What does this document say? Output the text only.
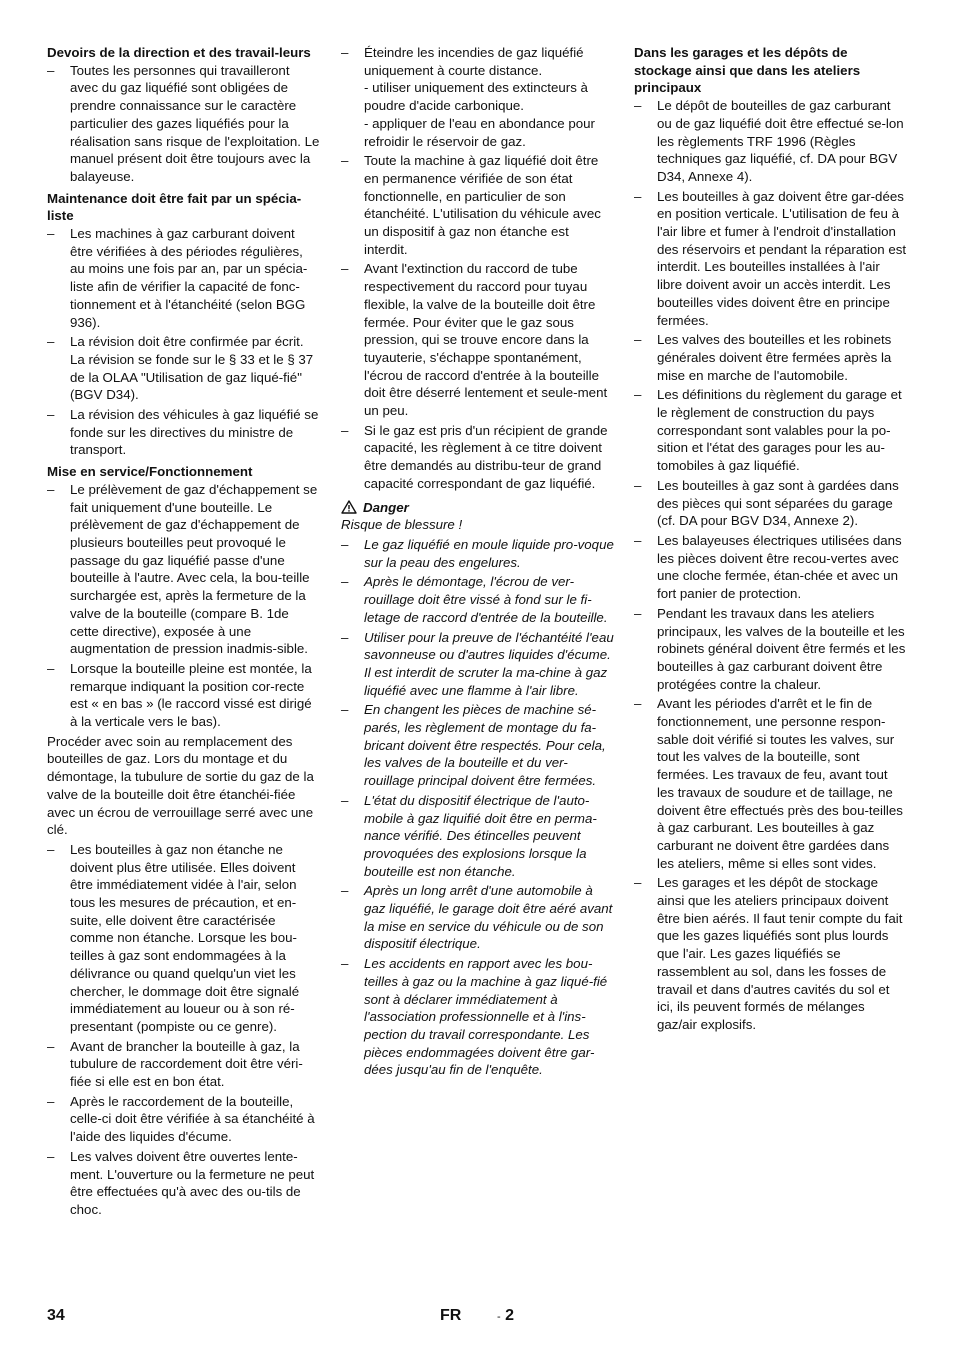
Devoirs de la direction et des travail-leurs

– Toutes les personnes qui travailleront avec du gaz liquéfié sont obligées de prendre connaissance sur le caractère particulier des gazes liquéfiés pour la réalisation sans risque de l'exploitation. Le manuel présent doit être toujours avec la balayeuse.

Maintenance doit être fait par un spécia-liste

– Les machines à gaz carburant doivent être vérifiées à des périodes régulières, au moins une fois par an, par un spécia-liste afin de vérifier la capacité de fonc-tionnement et à l'étanchéité (selon BGG 936).
– La révision doit être confirmée par écrit. La révision se fonde sur le § 33 et le § 37 de la OLAA "Utilisation de gaz liqué-fié" (BGV D34).
– La révision des véhicules à gaz liquéfié se fonde sur les directives du ministre de transport.

Mise en service/Fonctionnement

– Le prélèvement de gaz d'échappement se fait uniquement d'une bouteille. Le prélèvement de gaz d'échappement de plusieurs bouteilles peut provoqué le passage du gaz liquéfié passe d'une bouteille à l'autre. Avec cela, la bou-teille surchargée est, après la fermeture de la valve de la bouteille (compare B. 1de cette directive), exposée à une augmentation de pression inadmis-sible.
– Lorsque la bouteille pleine est montée, la remarque indiquant la position cor-recte est « en bas » (le raccord vissé est dirigé à la verticale vers le bas).

Procéder avec soin au remplacement des bouteilles de gaz. Lors du montage et du démontage, la tubulure de sortie du gaz de la valve de la bouteille doit être étanchéi-fiée avec un écrou de verrouillage serré avec une clé.

– Les bouteilles à gaz non étanche ne doivent plus être utilisée. Elles doivent être immédiatement vidée à l'air, selon tous les mesures de précaution, et en-suite, elle doivent être caractérisée comme non étanche. Lorsque les bou-teilles à gaz sont endommagées à la délivrance ou quand quelqu'un viet les chercher, le dommage doit être signalé immédiatement au loueur ou à son ré-presentant (pompiste ou ce genre).
– Avant de brancher la bouteille à gaz, la tubulure de raccordement doit être véri-fiée si elle est en bon état.
– Après le raccordement de la bouteille, celle-ci doit être vérifiée à sa étanchéité à l'aide des liquides d'écume.
– Les valves doivent être ouvertes lente-ment. L'ouverture ou la fermeture ne peut être effectuées qu'à avec des ou-tils de choc.
– Éteindre les incendies de gaz liquéfié uniquement à courte distance.
- utiliser uniquement des extincteurs à poudre d'acide carbonique.
- appliquer de l'eau en abondance pour refroidir le réservoir de gaz.
– Toute la machine à gaz liquéfié doit être en permanence vérifiée de son état fonctionnelle, en particulier de son étanchéité. L'utilisation du véhicule avec un dispositif à gaz non étanche est interdit.
– Avant l'extinction du raccord de tube respectivement du raccord pour tuyau flexible, la valve de la bouteille doit être fermée. Pour éviter que le gaz sous pression, qui se trouve encore dans la tuyauterie, s'échappe spontanément, l'écrou de raccord d'entrée à la bouteille doit être déserré lentement et seule-ment un peu.
– Si le gaz est pris d'un récipient de grande capacité, les règlement à ce titre doivent être demandés au distribu-teur de grand capacité correspondant de gaz liquéfié.
Danger

Risque de blessure !

– Le gaz liquéfié en moule liquide pro-voque sur la peau des engelures.
– Après le démontage, l'écrou de ver-rouillage doit être vissé à fond sur le fi-letage de raccord d'entrée de la bouteille.
– Utiliser pour la preuve de l'échantéité l'eau savonneuse ou d'autres liquides d'écume. Il est interdit de scruter la ma-chine à gaz liquéfié avec une flamme à l'air libre.
– En changent les pièces de machine sé-parés, les règlement de montage du fa-bricant doivent être respectés. Pour cela, les valves de la bouteille et du ver-rouillage principal doivent être fermées.
– L'état du dispositif électrique de l'auto-mobile à gaz liquifié doit être en perma-nance vérifié. Des étincelles peuvent provoquées des explosions lorsque la bouteille est non étanche.
– Après un long arrêt d'une automobile à gaz liquéfié, le garage doit être aéré avant la mise en service du véhicule ou de son dispositif électrique.
– Les accidents en rapport avec les bou-teilles à gaz ou la machine à gaz liqué-fié sont à déclarer immédiatement à l'association professionnelle et à l'ins-pection du travail correspondante. Les pièces endommagées doivent être gar-dées jusqu'au fin de l'enquête.

Dans les garages et les dépôts de stockage ainsi que dans les ateliers principaux

– Le dépôt de bouteilles de gaz carburant ou de gaz liquéfié doit être effectué se-lon les règlements TRF 1996 (Règles techniques gaz liquéfié, cf. DA pour BGV D34, Annexe 4).
– Les bouteilles à gaz doivent être gar-dées en position verticale. L'utilisation de feu à l'air libre et fumer à l'endroit d'installation des réservoirs et pendant la réparation est interdit. Les bouteilles installées à l'air libre doivent avoir un accès interdit. Les bouteilles vides doivent être en principe fermées.
– Les valves des bouteilles et les robinets générales doivent être fermées après la mise en marche de l'automobile.
– Les définitions du règlement du garage et le règlement de construction du pays correspondant sont valables pour la po-sition et l'état des garages pour les au-tomobiles à gaz liquéfié.
– Les bouteilles à gaz sont à gardées dans des pièces qui sont séparées du garage (cf. DA pour BGV D34, Annexe 2).
– Les balayeuses électriques utilisées dans les pièces doivent être recou-vertes avec une cloche fermée, étan-chée et avec un fort panier de protection.
– Pendant les travaux dans les ateliers principaux, les valves de la bouteille et les robinets général doivent être fermés et les bouteilles à gaz carburant doivent être protégées contre la chaleur.
– Avant les périodes d'arrêt et le fin de fonctionnement, une personne respon-sable doit vérifié si toutes les valves, sur tout les valves de la bouteille, sont fermées. Les travaux de feu, avant tout les travaux de soudure et de taillage, ne doivent être effectués près des bou-teilles à gaz carburant. Les bouteilles à gaz carburant ne doivent être gardées dans les ateliers, même si elles sont vides.
– Les garages et les dépôt de stockage ainsi que les ateliers principaux doivent être bien aérés. Il faut tenir compte du fait que les gazes liquéfiés sont plus lourds que l'air. Les gazes liquéfiés se rassemblent au sol, dans les fosses de travail et dans d'autres cavités du sol et ici, ils peuvent formés de mélanges gaz/air explosifs.
34	FR	- 2
